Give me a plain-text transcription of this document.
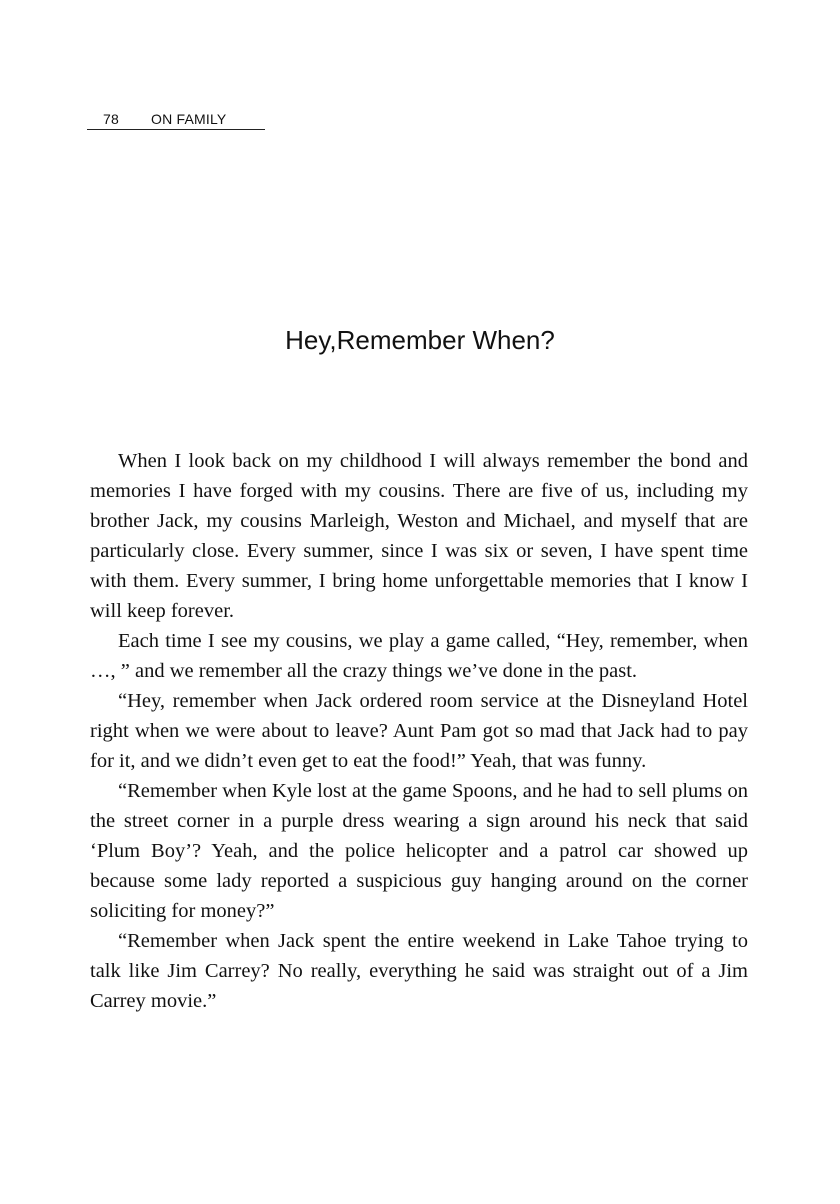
78 ON FAMILY
Hey,Remember When?

When I look back on my childhood I will always remember the bond and memories I have forged with my cousins. There are five of us, including my brother Jack, my cousins Marleigh, Weston and Michael, and myself that are particularly close. Every summer, since I was six or seven, I have spent time with them. Every summer, I bring home unforgettable memories that I know I will keep forever.

Each time I see my cousins, we play a game called, “Hey, remember, when …, ” and we remember all the crazy things we’ve done in the past.

“Hey, remember when Jack ordered room service at the Disneyland Hotel right when we were about to leave? Aunt Pam got so mad that Jack had to pay for it, and we didn’t even get to eat the food!” Yeah, that was funny.

“Remember when Kyle lost at the game Spoons, and he had to sell plums on the street corner in a purple dress wearing a sign around his neck that said ‘Plum Boy’? Yeah, and the police helicopter and a patrol car showed up because some lady reported a suspicious guy hanging around on the corner soliciting for money?”

“Remember when Jack spent the entire weekend in Lake Tahoe trying to talk like Jim Carrey? No really, everything he said was straight out of a Jim Carrey movie.”
